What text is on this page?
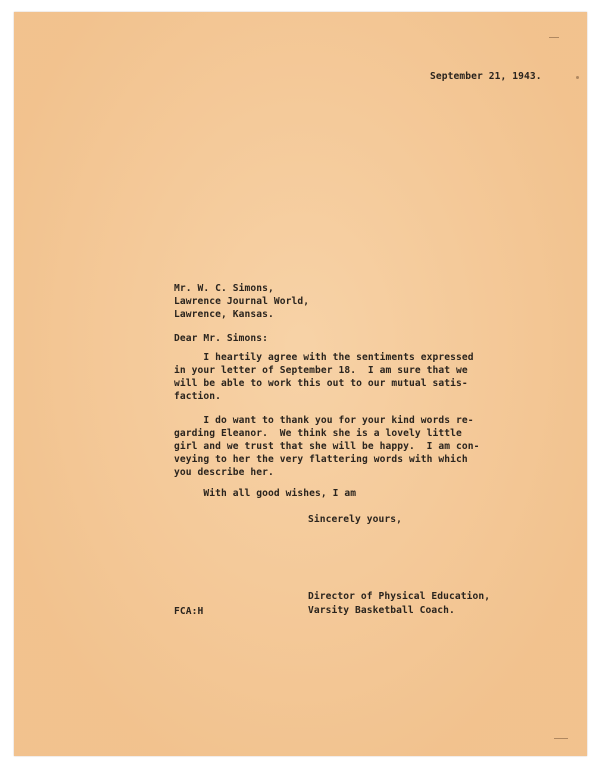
September 21, 1943.
Mr. W. C. Simons,
Lawrence Journal World,
Lawrence, Kansas.
Dear Mr. Simons:
I heartily agree with the sentiments expressed
in your letter of September 18.  I am sure that we
will be able to work this out to our mutual satis-
faction.
I do want to thank you for your kind words re-
garding Eleanor.  We think she is a lovely little
girl and we trust that she will be happy.  I am con-
veying to her the very flattering words with which
you describe her.
With all good wishes, I am
Sincerely yours,
Director of Physical Education,
Varsity Basketball Coach.
FCA:H
